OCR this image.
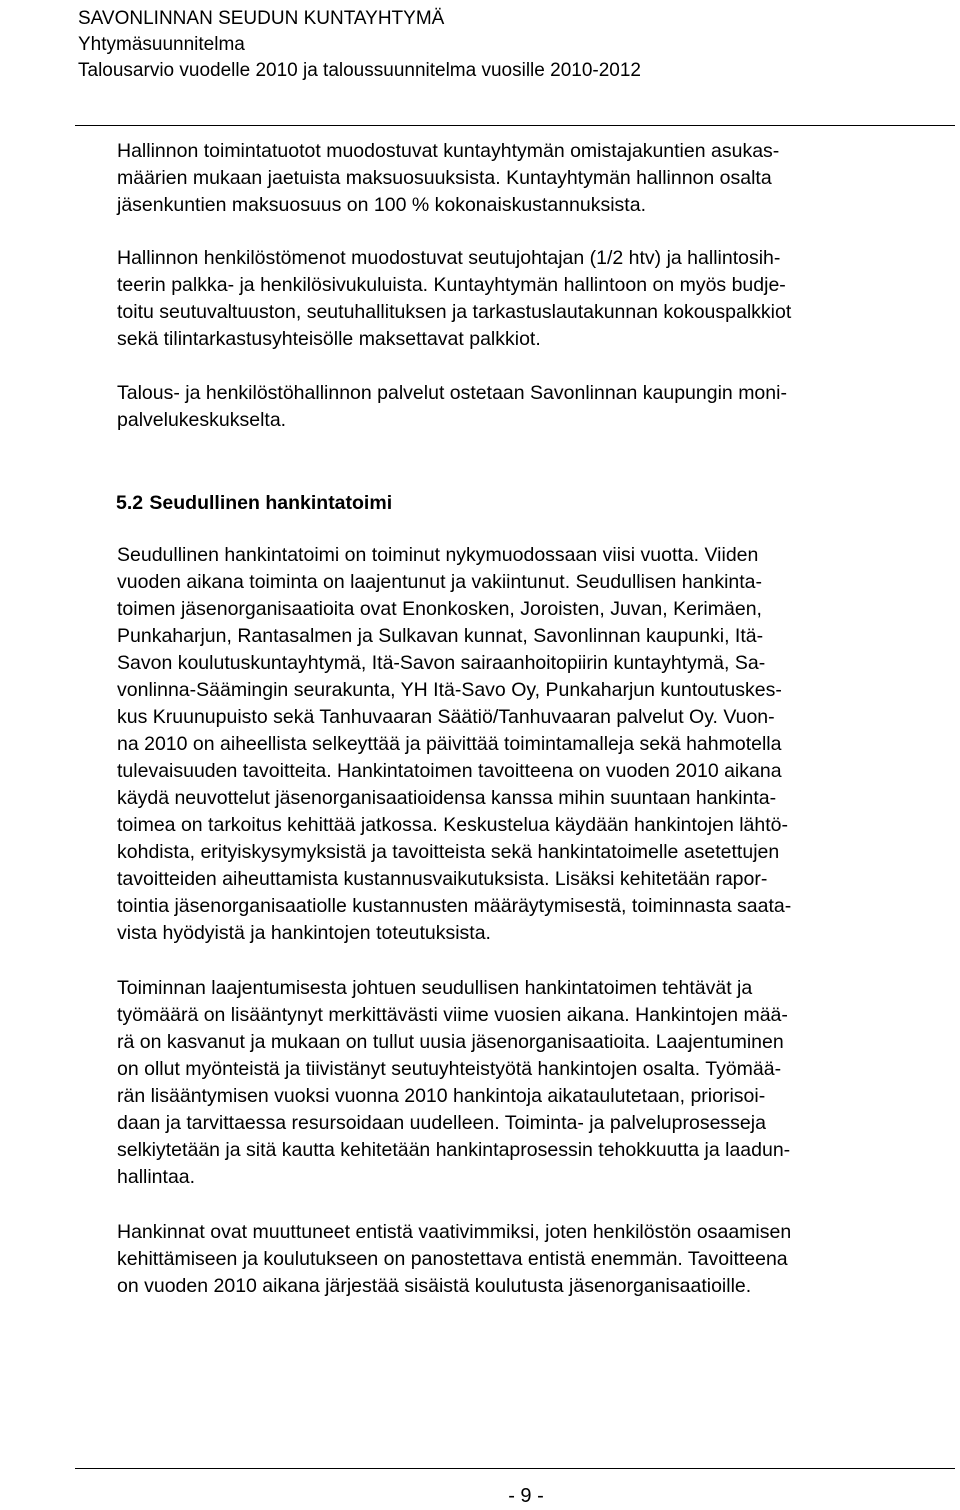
SAVONLINNAN SEUDUN KUNTAYHTYMÄ
Yhtymäsuunnitelma
Talousarvio vuodelle 2010 ja taloussuunnitelma vuosille 2010-2012

Hallinnon toimintatuotot muodostuvat kuntayhtymän omistajakuntien asukas-
määrien mukaan jaetuista maksuosuuksista. Kuntayhtymän hallinnon osalta
jäsenkuntien maksuosuus on 100 % kokonaiskustannuksista.

Hallinnon henkilöstömenot muodostuvat seutujohtajan (1/2 htv) ja hallintosih-
teerin palkka- ja henkilösivukuluista. Kuntayhtymän hallintoon on myös budje-
toitu seutuvaltuuston, seutuhallituksen ja tarkastuslautakunnan kokouspalkkiot
sekä tilintarkastusyhteisölle maksettavat palkkiot.

Talous- ja henkilöstöhallinnon palvelut ostetaan Savonlinnan kaupungin moni-
palvelukeskukselta.

5.2 Seudullinen hankintatoimi

Seudullinen hankintatoimi on toiminut nykymuodossaan viisi vuotta. Viiden
vuoden aikana toiminta on laajentunut ja vakiintunut. Seudullisen hankinta-
toimen jäsenorganisaatioita ovat Enonkosken, Joroisten, Juvan, Kerimäen,
Punkaharjun, Rantasalmen ja Sulkavan kunnat, Savonlinnan kaupunki, Itä-
Savon koulutuskuntayhtymä, Itä-Savon sairaanhoitopiirin kuntayhtymä, Sa-
vonlinna-Säämingin seurakunta, YH Itä-Savo Oy, Punkaharjun kuntoutuskes-
kus Kruunupuisto sekä Tanhuvaaran Säätiö/Tanhuvaaran palvelut Oy. Vuon-
na 2010 on aiheellista selkeyttää ja päivittää toimintamalleja sekä hahmotella
tulevaisuuden tavoitteita. Hankintatoimen tavoitteena on vuoden 2010 aikana
käydä neuvottelut jäsenorganisaatioidensa kanssa mihin suuntaan hankinta-
toimea on tarkoitus kehittää jatkossa. Keskustelua käydään hankintojen lähtö-
kohdista, erityiskysymyksistä ja tavoitteista sekä hankintatoimelle asetettujen
tavoitteiden aiheuttamista kustannusvaikutuksista. Lisäksi kehitetään rapor-
tointia jäsenorganisaatiolle kustannusten määräytymisestä, toiminnasta saata-
vista hyödyistä ja hankintojen toteutuksista.

Toiminnan laajentumisesta johtuen seudullisen hankintatoimen tehtävät ja
työmäärä on lisääntynyt merkittävästi viime vuosien aikana. Hankintojen mää-
rä on kasvanut ja mukaan on tullut uusia jäsenorganisaatioita. Laajentuminen
on ollut myönteistä ja tiivistänyt seutuyhteistyötä hankintojen osalta. Työmää-
rän lisääntymisen vuoksi vuonna 2010 hankintoja aikataulutetaan, priorisoi-
daan ja tarvittaessa resursoidaan uudelleen. Toiminta- ja palveluprosesseja
selkiytetään ja sitä kautta kehitetään hankintaprosessin tehokkuutta ja laadun-
hallintaa.

Hankinnat ovat muuttuneet entistä vaativimmiksi, joten henkilöstön osaamisen
kehittämiseen ja koulutukseen on panostettava entistä enemmän. Tavoitteena
on vuoden 2010 aikana järjestää sisäistä koulutusta jäsenorganisaatioille.

- 9 -
